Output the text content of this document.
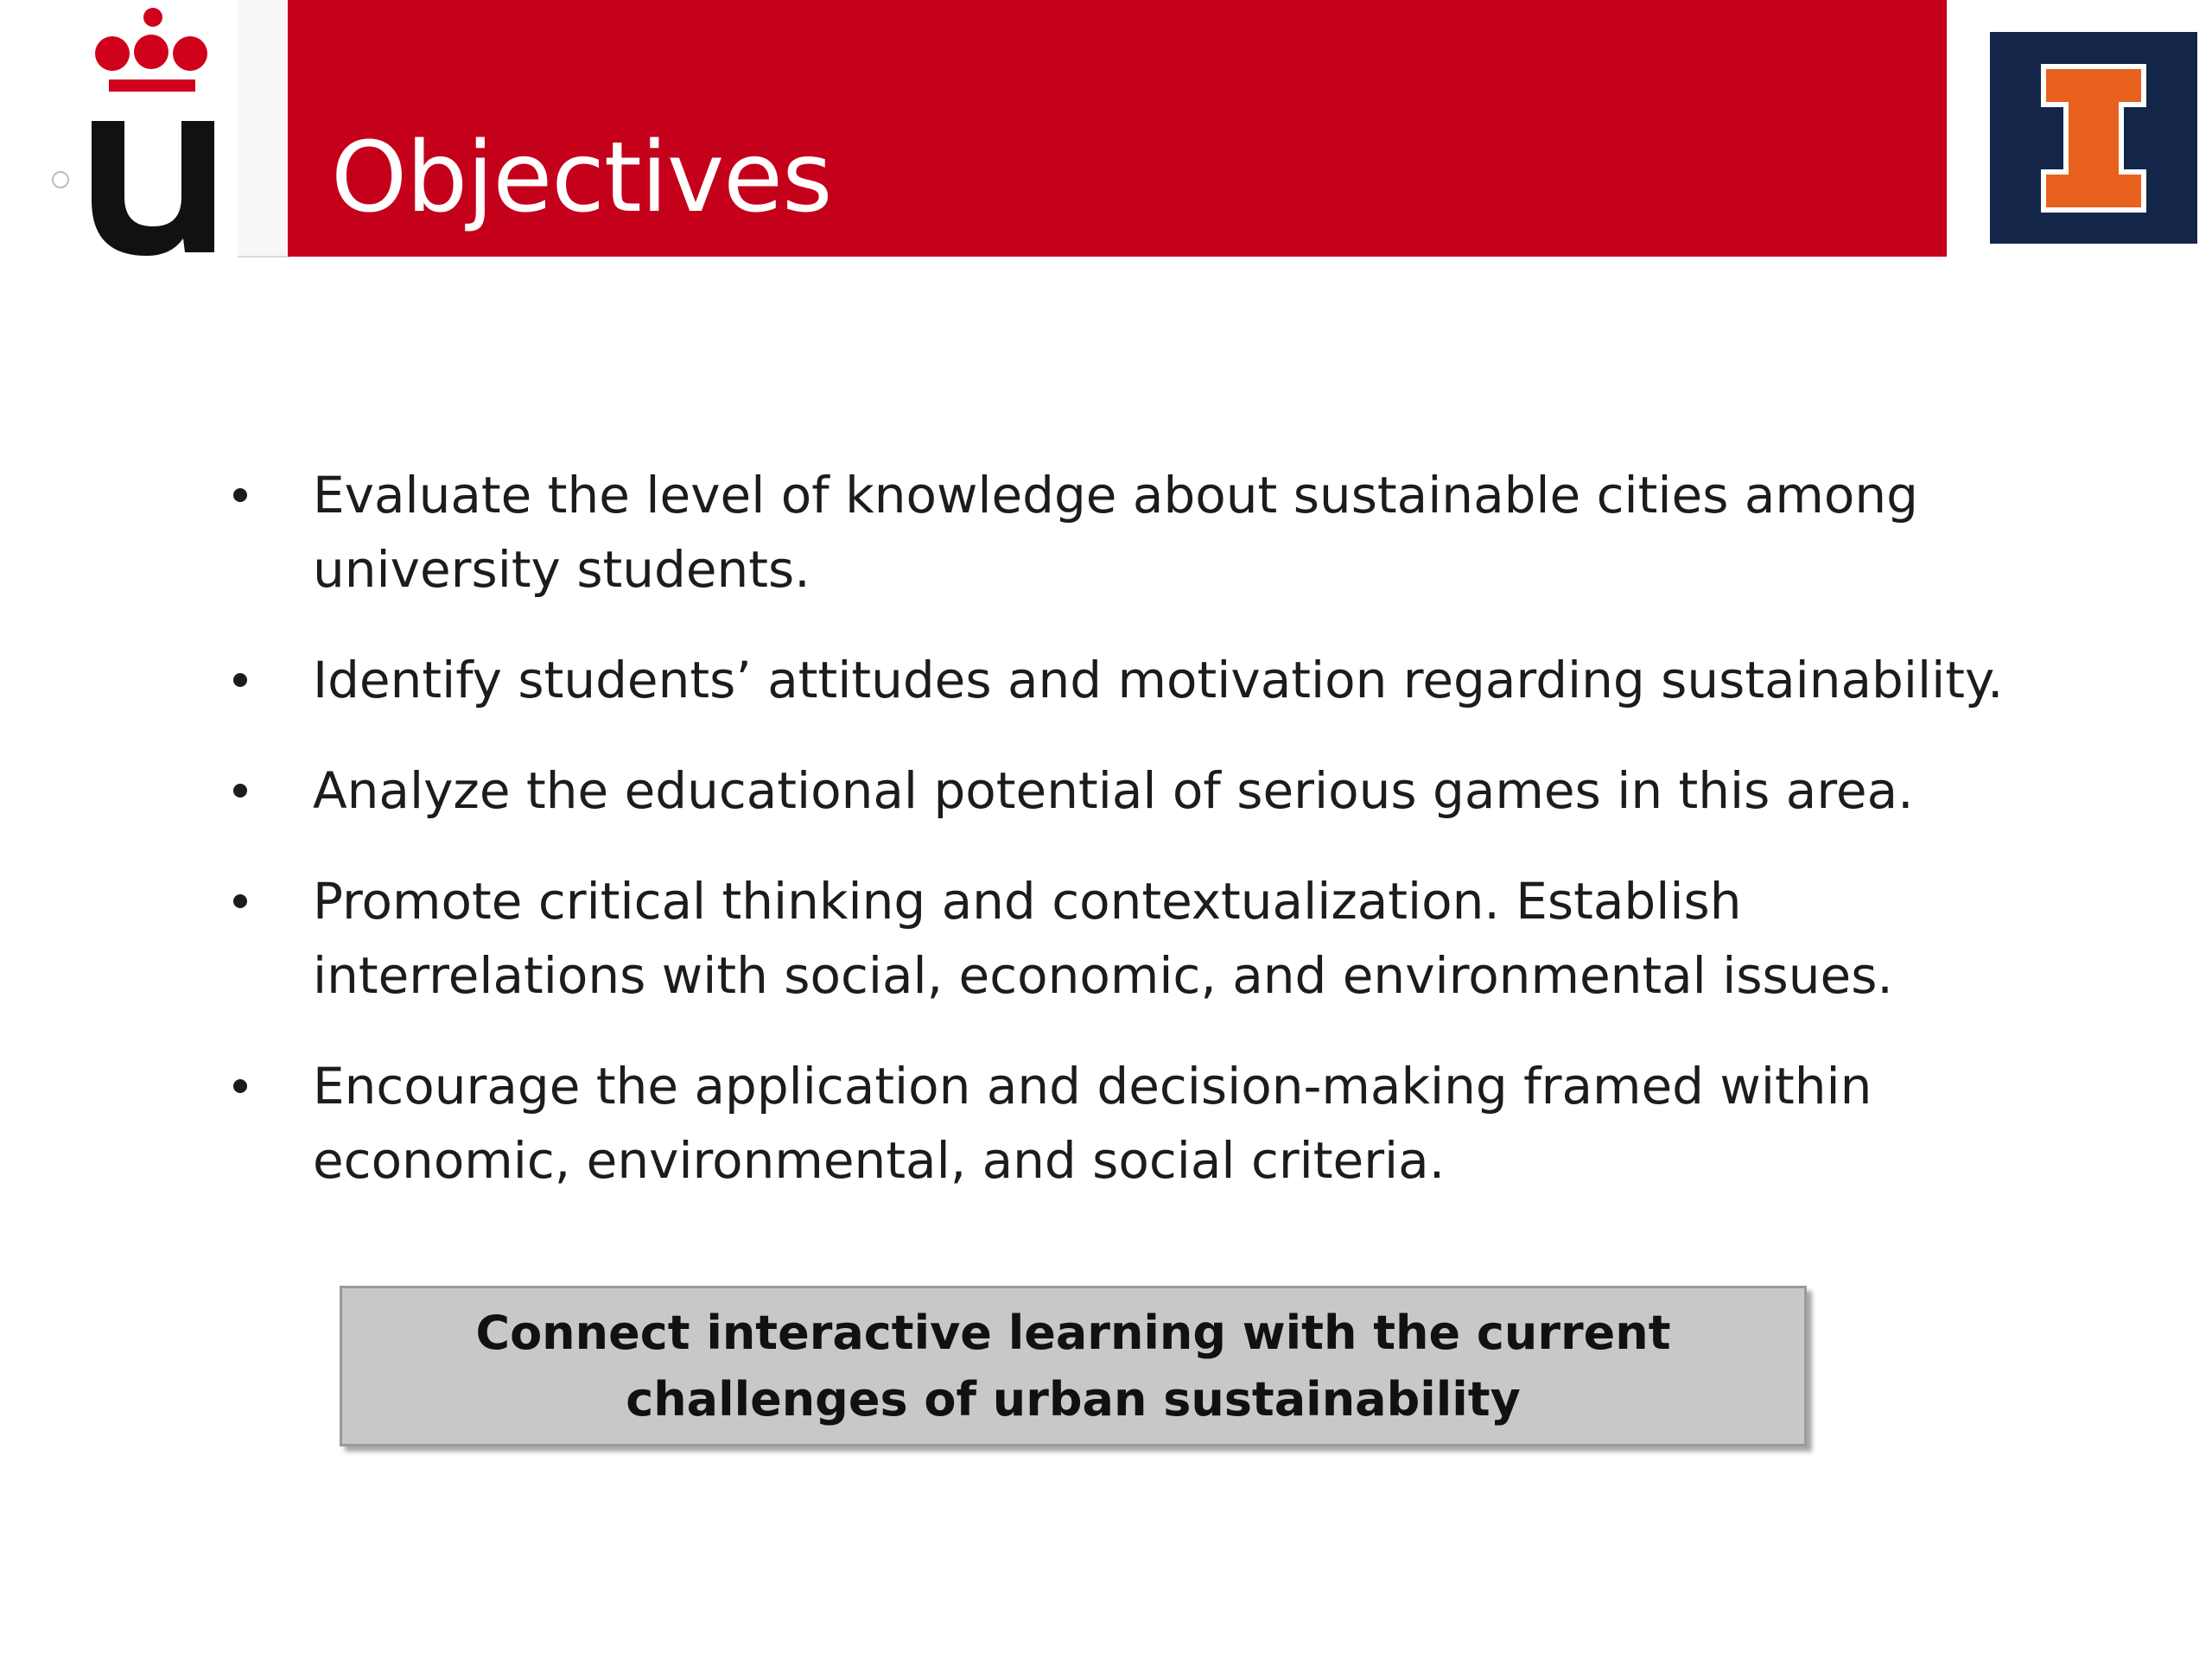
Objectives
Evaluate the level of knowledge about sustainable cities among university students.
Identify students’ attitudes and motivation regarding sustainability.
Analyze the educational potential of serious games in this area.
Promote critical thinking and contextualization. Establish interrelations with social, economic, and environmental issues.
Encourage the application and decision-making framed within economic, environmental, and social criteria.
Connect interactive learning with the current challenges of urban sustainability
